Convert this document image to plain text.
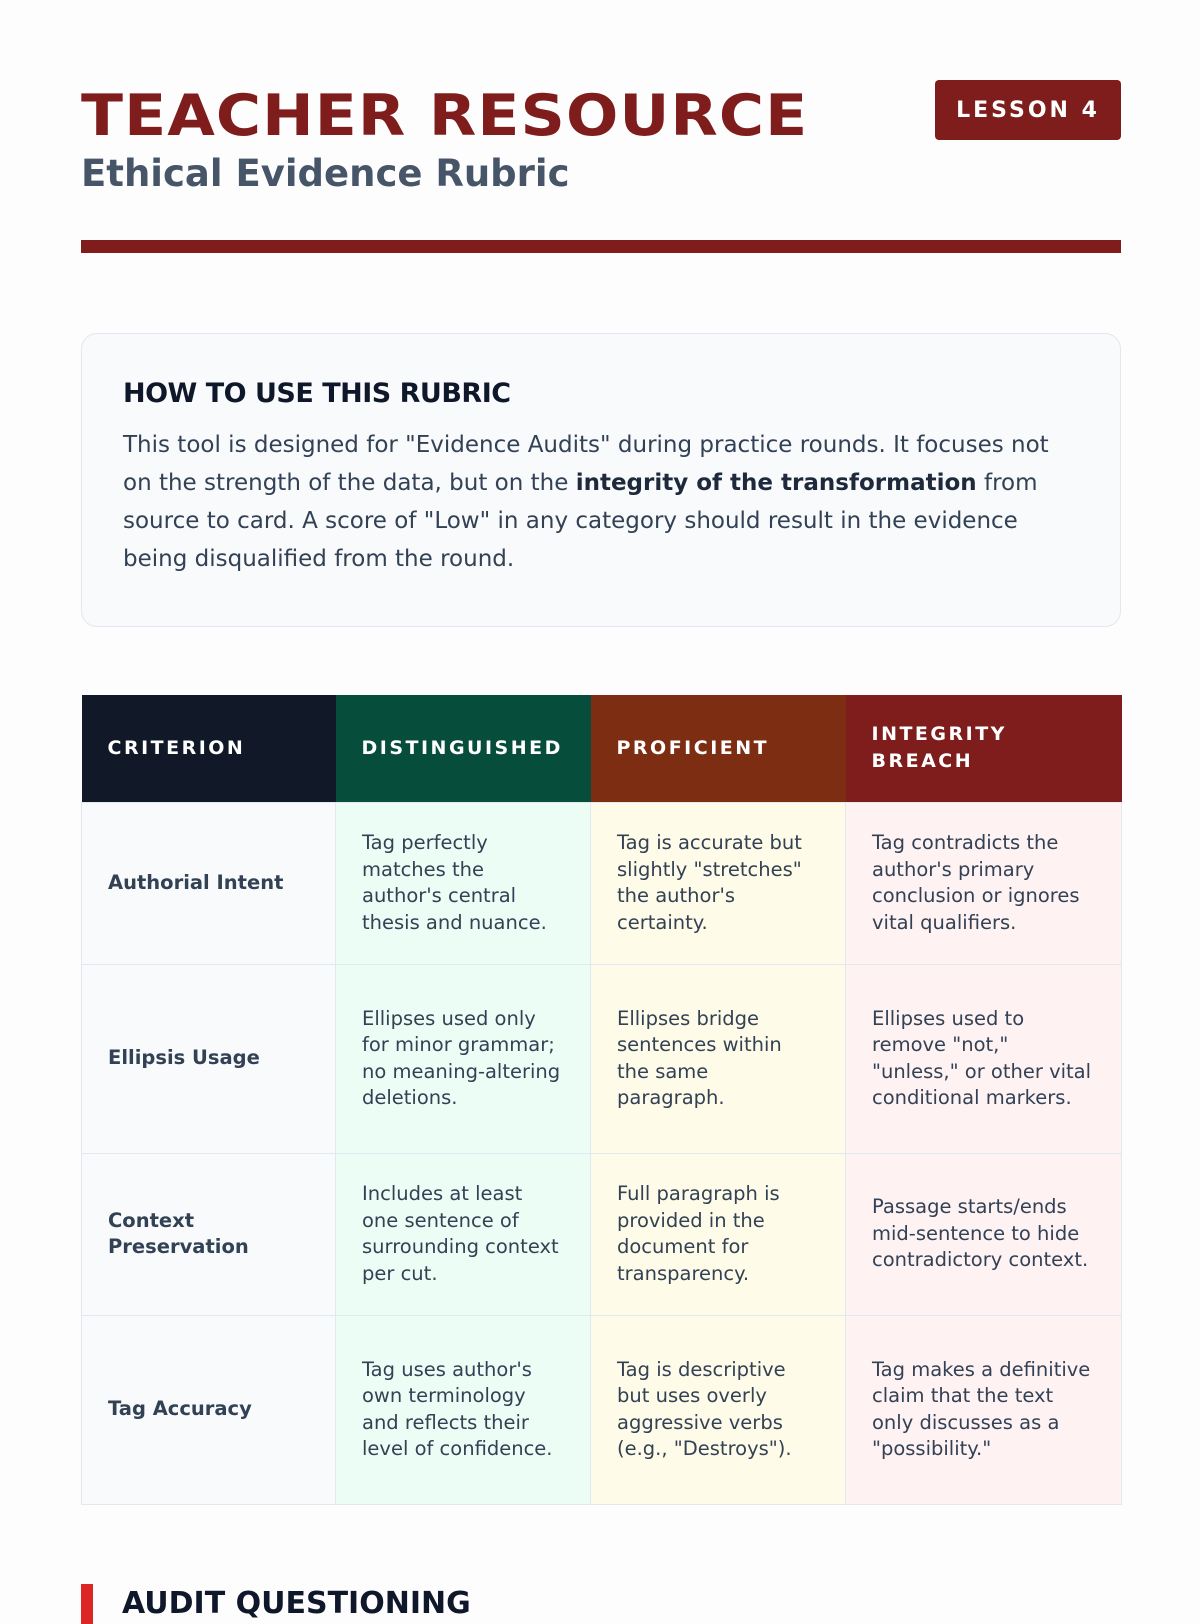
TEACHER RESOURCE
Ethical Evidence Rubric
LESSON 4
HOW TO USE THIS RUBRIC

This tool is designed for "Evidence Audits" during practice rounds. It focuses not on the strength of the data, but on the integrity of the transformation from source to card. A score of "Low" in any category should result in the evidence being disqualified from the round.

CRITERION	DISTINGUISHED	PROFICIENT	INTEGRITY BREACH
Authorial Intent	Tag perfectly matches the author's central thesis and nuance.	Tag is accurate but slightly "stretches" the author's certainty.	Tag contradicts the author's primary conclusion or ignores vital qualifiers.
Ellipsis Usage	Ellipses used only for minor grammar; no meaning-altering deletions.	Ellipses bridge sentences within the same paragraph.	Ellipses used to remove "not," "unless," or other vital conditional markers.
Context Preservation	Includes at least one sentence of surrounding context per cut.	Full paragraph is provided in the document for transparency.	Passage starts/ends mid-sentence to hide contradictory context.
Tag Accuracy	Tag uses author's own terminology and reflects their level of confidence.	Tag is descriptive but uses overly aggressive verbs (e.g., "Destroys").	Tag makes a definitive claim that the text only discusses as a "possibility."
AUDIT QUESTIONING
